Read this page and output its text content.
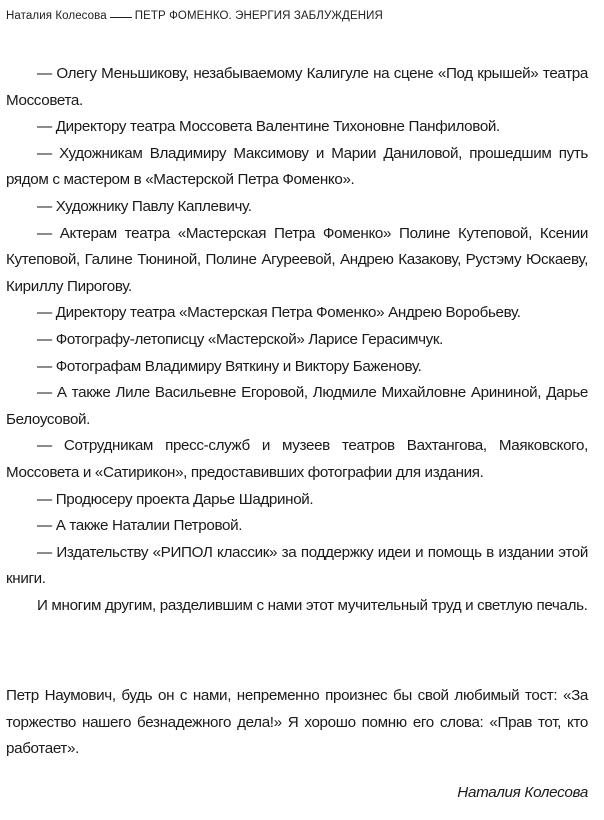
Наталия Колесова ПЕТР ФОМЕНКО. ЭНЕРГИЯ ЗАБЛУЖДЕНИЯ

— Олегу Меньшикову, незабываемому Калигуле на сцене «Под крышей» театра Моссовета.

— Директору театра Моссовета Валентине Тихоновне Панфиловой.

— Художникам Владимиру Максимову и Марии Даниловой, прошедшим путь рядом с мастером в «Мастерской Петра Фоменко».

— Художнику Павлу Каплевичу.

— Актерам театра «Мастерская Петра Фоменко» Полине Кутеповой, Ксении Кутеповой, Галине Тюниной, Полине Агуреевой, Андрею Казакову, Рустэму Юскаеву, Кириллу Пирогову.

— Директору театра «Мастерская Петра Фоменко» Андрею Воробьеву.

— Фотографу-летописцу «Мастерской» Ларисе Герасимчук.

— Фотографам Владимиру Вяткину и Виктору Баженову.

— А также Лиле Васильевне Егоровой, Людмиле Михайловне Арининой, Дарье Белоусовой.

— Сотрудникам пресс-служб и музеев театров Вахтангова, Маяковского, Моссовета и «Сатирикон», предоставивших фотографии для издания.

— Продюсеру проекта Дарье Шадриной.

— А также Наталии Петровой.

— Издательству «РИПОЛ классик» за поддержку идеи и помощь в издании этой книги.

И многим другим, разделившим с нами этот мучительный труд и светлую печаль.

Петр Наумович, будь он с нами, непременно произнес бы свой любимый тост: «За торжество нашего безнадежного дела!» Я хорошо помню его слова: «Прав тот, кто работает».

Наталия Колесова
